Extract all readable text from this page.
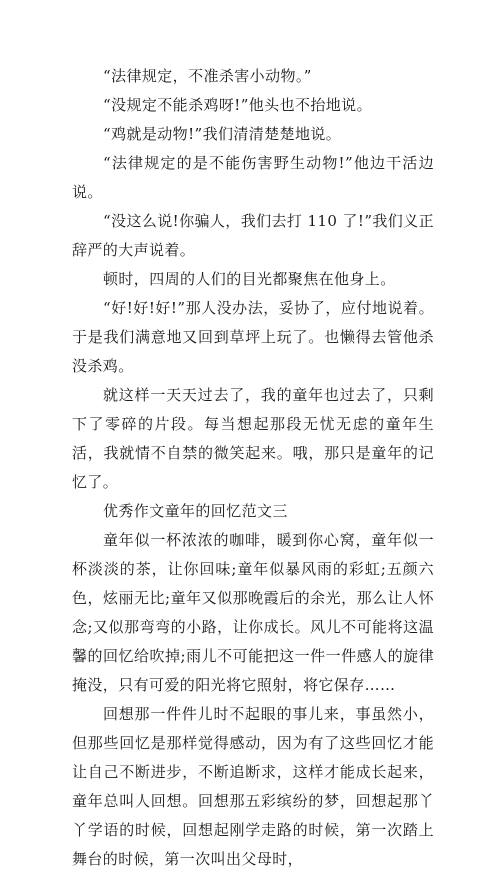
“法律规定，不准杀害小动物。”

“没规定不能杀鸡呀!”他头也不抬地说。

“鸡就是动物!”我们清清楚楚地说。

“法律规定的是不能伤害野生动物!”他边干活边说。

“没这么说!你骗人，我们去打 110 了!”我们义正辞严的大声说着。

顿时，四周的人们的目光都聚焦在他身上。

“好!好!好!”那人没办法，妥协了，应付地说着。于是我们满意地又回到草坪上玩了。也懒得去管他杀没杀鸡。

就这样一天天过去了，我的童年也过去了，只剩下了零碎的片段。每当想起那段无忧无虑的童年生活，我就情不自禁的微笑起来。哦，那只是童年的记忆了。

优秀作文童年的回忆范文三

童年似一杯浓浓的咖啡，暖到你心窝，童年似一杯淡淡的茶，让你回味;童年似暴风雨的彩虹;五颜六色，炫丽无比;童年又似那晚霞后的余光，那么让人怀念;又似那弯弯的小路，让你成长。风儿不可能将这温馨的回忆给吹掉;雨儿不可能把这一件一件感人的旋律掩没，只有可爱的阳光将它照射，将它保存……

回想那一件件儿时不起眼的事儿来，事虽然小，但那些回忆是那样觉得感动，因为有了这些回忆才能让自己不断进步，不断追断求，这样才能成长起来，童年总叫人回想。回想那五彩缤纷的梦，回想起那丫丫学语的时候，回想起刚学走路的时候，第一次踏上舞台的时候，第一次叫出父母时，
